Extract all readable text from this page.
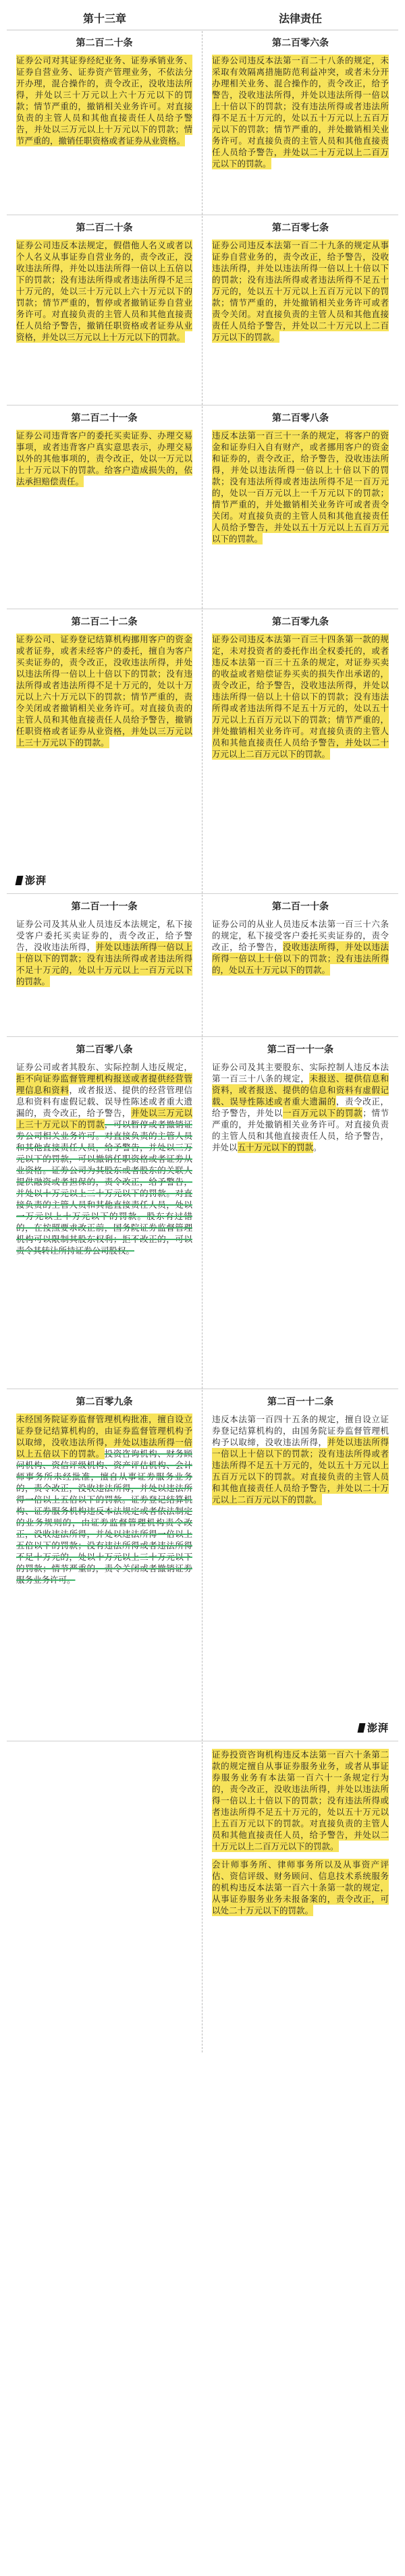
第十三章	法律责任
第二百二十条
证券公司对其证券经纪业务、证券承销业务、证券自营业务、证券资产管理业务，不依法分开办理，混合操作的，责令改正，没收违法所得，并处以三十万元以上六十万元以下的罚款；情节严重的，撤销相关业务许可。对直接负责的主管人员和其他直接责任人员给予警告，并处以三万元以上十万元以下的罚款；情节严重的，撤销任职资格或者证券从业资格。
第二百零六条
证券公司违反本法第一百二十八条的规定，未采取有效隔离措施防范利益冲突，或者未分开办理相关业务、混合操作的，责令改正，给予警告，没收违法所得，并处以违法所得一倍以上十倍以下的罚款；没有违法所得或者违法所得不足五十万元的，处以五十万元以上五百万元以下的罚款；情节严重的，并处撤销相关业务许可。对直接负责的主管人员和其他直接责任人员给予警告，并处以二十万元以上二百万元以下的罚款。
第二百二十条
证券公司违反本法规定，假借他人名义或者以个人名义从事证券自营业务的，责令改正，没收违法所得，并处以违法所得一倍以上五倍以下的罚款；没有违法所得或者违法所得不足三十万元的，处以三十万元以上六十万元以下的罚款；情节严重的，暂停或者撤销证券自营业务许可。对直接负责的主管人员和其他直接责任人员给予警告，撤销任职资格或者证券从业资格，并处以三万元以上十万元以下的罚款。
第二百零七条
证券公司违反本法第一百二十九条的规定从事证券自营业务的，责令改正，给予警告，没收违法所得，并处以违法所得一倍以上十倍以下的罚款；没有违法所得或者违法所得不足五十万元的，处以五十万元以上五百万元以下的罚款；情节严重的，并处撤销相关业务许可或者责令关闭。对直接负责的主管人员和其他直接责任人员给予警告，并处以二十万元以上二百万元以下的罚款。
第二百二十一条
证券公司违背客户的委托买卖证券、办理交易事项，或者违背客户真实意思表示，办理交易以外的其他事项的，责令改正，处以一万元以上十万元以下的罚款。给客户造成损失的，依法承担赔偿责任。
第二百零八条
违反本法第一百三十一条的规定，将客户的资金和证券归入自有财产，或者挪用客户的资金和证券的，责令改正，给予警告，没收违法所得，并处以违法所得一倍以上十倍以下的罚款；没有违法所得或者违法所得不足一百万元的，处以一百万元以上一千万元以下的罚款；情节严重的，并处撤销相关业务许可或者责令关闭。对直接负责的主管人员和其他直接责任人员给予警告，并处以五十万元以上五百万元以下的罚款。
第二百二十二条
证券公司、证券登记结算机构挪用客户的资金或者证券，或者未经客户的委托，擅自为客户买卖证券的，责令改正，没收违法所得，并处以违法所得一倍以上十倍以下的罚款；没有违法所得或者违法所得不足十万元的，处以十万元以上六十万元以下的罚款；情节严重的，责令关闭或者撤销相关业务许可。对直接负责的主管人员和其他直接责任人员给予警告，撤销任职资格或者证券从业资格，并处以三万元以上三十万元以下的罚款。
澎湃
第二百零九条
证券公司违反本法第一百三十四条第一款的规定，未对投资者的委托作出全权委托的，或者违反本法第一百三十五条的规定，对证券买卖的收益或者赔偿证券买卖的损失作出承诺的，责令改正，给予警告，没收违法所得，并处以违法所得一倍以上十倍以下的罚款；没有违法所得或者违法所得不足五十万元的，处以五十万元以上五百万元以下的罚款；情节严重的，并处撤销相关业务许可。对直接负责的主管人员和其他直接责任人员给予警告，并处以二十万元以上二百万元以下的罚款。
第二百一十一条
证券公司及其从业人员违反本法规定，私下接受客户委托买卖证券的，责令改正，给予警告，没收违法所得，并处以违法所得一倍以上十倍以下的罚款；没有违法所得或者违法所得不足十万元的，处以十万元以上一百万元以下的罚款。
第二百一十条
证券公司的从业人员违反本法第一百三十六条的规定，私下接受客户委托买卖证券的，责令改正，给予警告，没收违法所得，并处以违法所得一倍以上十倍以下的罚款；没有违法所得的，处以五十万元以下的罚款。
第二百零八条
证券公司或者其股东、实际控制人违反规定，拒不向证券监督管理机构报送或者提供经营管理信息和资料，或者报送、提供的经营管理信息和资料有虚假记载、误导性陈述或者重大遗漏的，责令改正，给予警告，并处以三万元以上三十万元以下的罚款，可以暂停或者撤销证券公司相关业务许可。对直接负责的主管人员和其他直接责任人员，给予警告，并处以三万元以下的罚款，可以撤销任职资格或者证券从业资格。证券公司为其股东或者股东的关联人提供融资或者担保的，责令改正，给予警告，并处以十万元以上三十万元以下的罚款。对直接负责的主管人员和其他直接责任人员，处以一万元以上十万元以下的罚款。股东有过错的，在按照要求改正前，国务院证券监督管理机构可以限制其股东权利；拒不改正的，可以责令其转让所持证券公司股权。
第二百一十一条
证券公司及其主要股东、实际控制人违反本法第一百三十八条的规定，未报送、提供信息和资料，或者报送、提供的信息和资料有虚假记载、误导性陈述或者重大遗漏的，责令改正，给予警告，并处以一百万元以下的罚款；情节严重的，并处撤销相关业务许可。对直接负责的主管人员和其他直接责任人员，给予警告，并处以五十万元以下的罚款。
第二百零九条
未经国务院证券监督管理机构批准，擅自设立证券登记结算机构的，由证券监督管理机构予以取缔，没收违法所得，并处以违法所得一倍以上五倍以下的罚款。投资咨询机构、财务顾问机构、资信评级机构、资产评估机构、会计师事务所未经批准，擅自从事证券服务业务的，责令改正，没收违法所得，并处以违法所得一倍以上五倍以下的罚款。证券登记结算机构、证券服务机构违反本法规定或者依法制定的业务规则的，由证券监督管理机构责令改正，没收违法所得，并处以违法所得一倍以上五倍以下的罚款；没有违法所得或者违法所得不足十万元的，处以十万元以上三十万元以下的罚款；情节严重的，责令关闭或者撤销证券服务业务许可。
第二百一十二条
违反本法第一百四十五条的规定，擅自设立证券登记结算机构的，由国务院证券监督管理机构予以取缔，没收违法所得，并处以违法所得一倍以上十倍以下的罚款；没有违法所得或者违法所得不足五十万元的，处以五十万元以上五百万元以下的罚款。对直接负责的主管人员和其他直接责任人员给予警告，并处以二十万元以上二百万元以下的罚款。
澎湃
证券投资咨询机构违反本法第一百六十条第二款的规定擅自从事证券服务业务，或者从事证券服务业务有本法第一百六十一条规定行为的，责令改正，没收违法所得，并处以违法所得一倍以上十倍以下的罚款；没有违法所得或者违法所得不足五十万元的，处以五十万元以上五百万元以下的罚款。对直接负责的主管人员和其他直接责任人员，给予警告，并处以二十万元以上二百万元以下的罚款。
会计师事务所、律师事务所以及从事资产评估、资信评级、财务顾问、信息技术系统服务的机构违反本法第一百六十条第一款的规定，从事证券服务业务未报备案的，责令改正，可以处二十万元以下的罚款。
